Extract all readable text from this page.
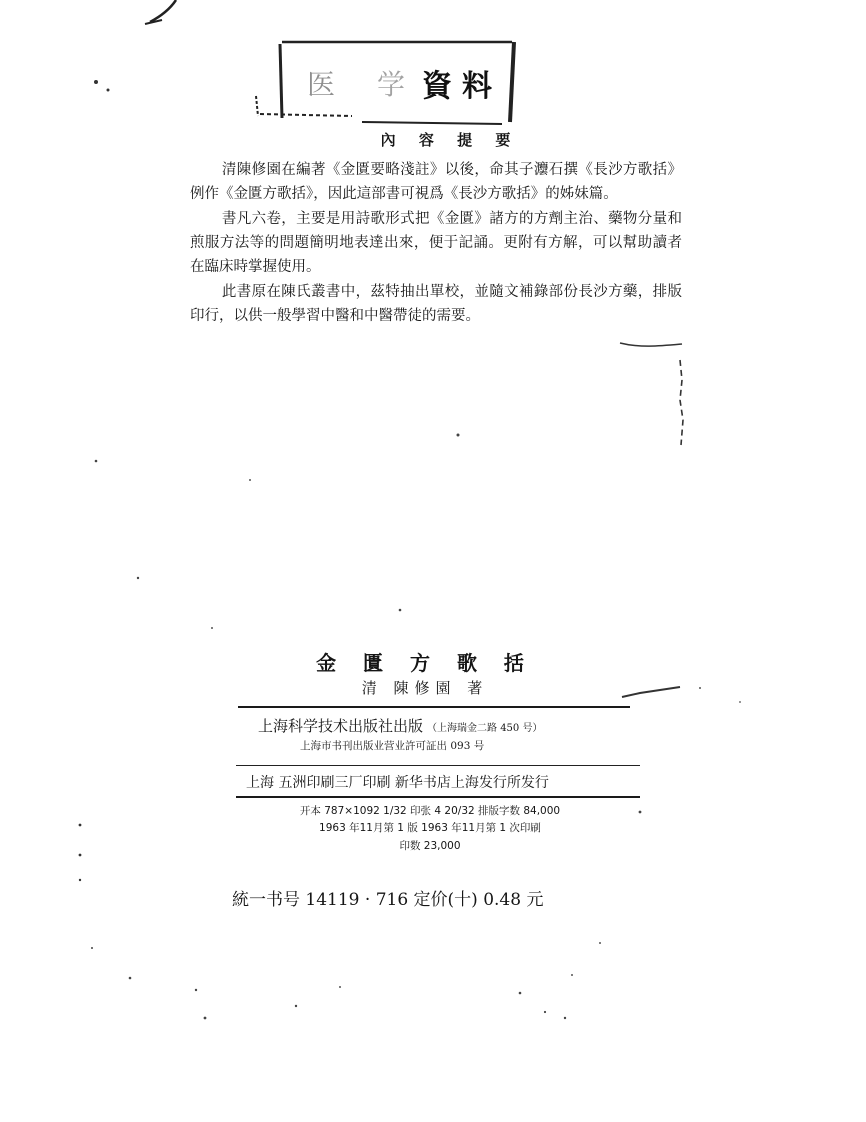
医 学 資 料
內 容 提 要

清陳修園在編著《金匱要略淺註》以後，命其子灋石撰《長沙方歌括》例作《金匱方歌括》，因此這部書可視爲《長沙方歌括》的姊妹篇。

書凡六卷，主要是用詩歌形式把《金匱》諸方的方劑主治、藥物分量和煎服方法等的問題簡明地表達出來，便于記誦。更附有方解，可以幫助讀者在臨床時掌握使用。

此書原在陳氏叢書中，茲特抽出單校，並隨文補錄部份長沙方藥，排版印行，以供一般學習中醫和中醫帶徒的需要。

金 匱 方 歌 括
清 陳修園 著
上海科学技术出版社出版 （上海瑞金二路 450 号）
上海市书刊出版业营业許可証出 093 号
上海 五洲印刷三厂印刷 新华书店上海发行所发行
开本 787×1092 1/32 印张 4 20/32 排版字数 84,000
1963 年11月第 1 版 1963 年11月第 1 次印刷
印数 23,000
統一书号 14119 · 716 定价(十) 0.48 元
